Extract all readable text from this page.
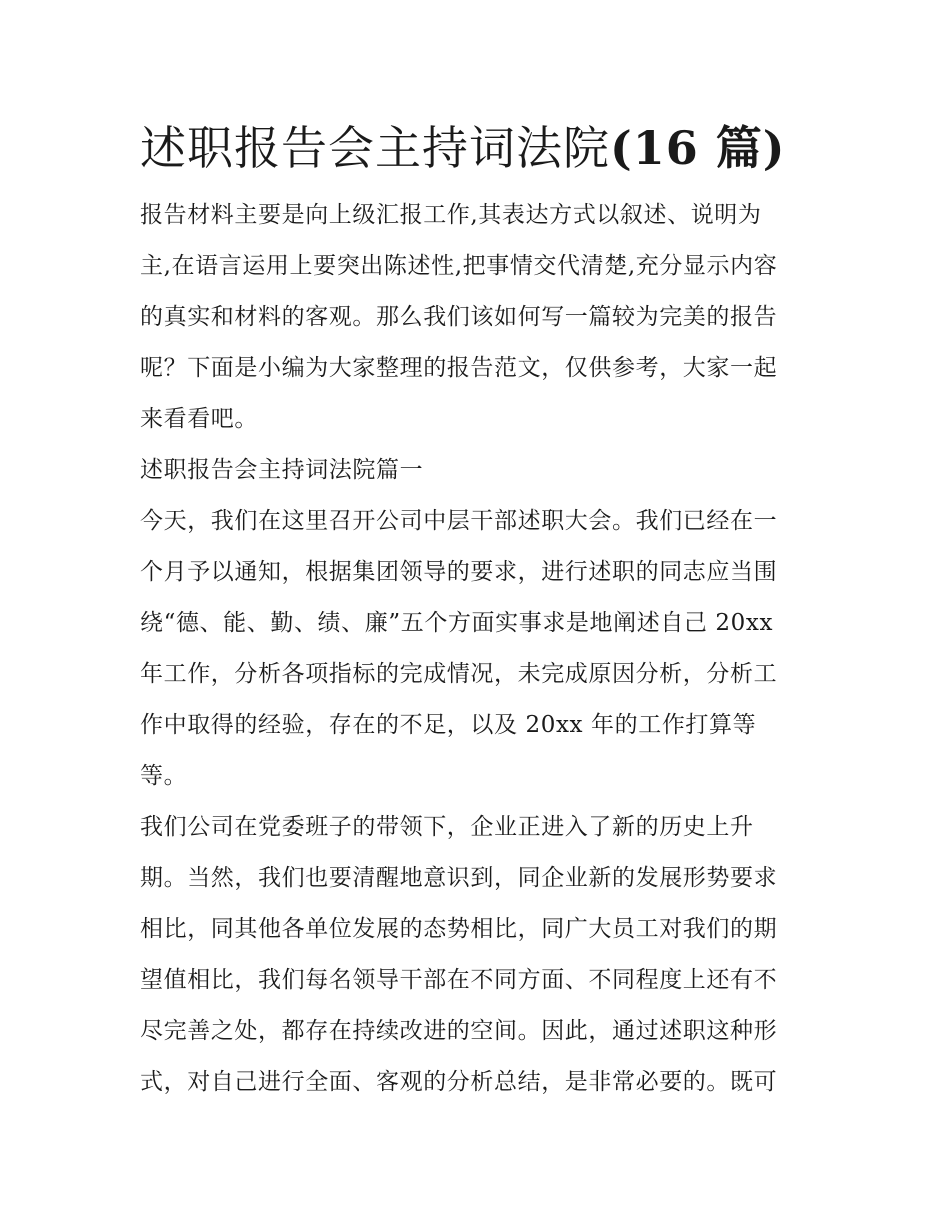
述职报告会主持词法院(16 篇)

报告材料主要是向上级汇报工作,其表达方式以叙述、说明为
主,在语言运用上要突出陈述性,把事情交代清楚,充分显示内容
的真实和材料的客观。那么我们该如何写一篇较为完美的报告
呢？下面是小编为大家整理的报告范文，仅供参考，大家一起
来看看吧。

述职报告会主持词法院篇一

今天，我们在这里召开公司中层干部述职大会。我们已经在一
个月予以通知，根据集团领导的要求，进行述职的同志应当围
绕“德、能、勤、绩、廉”五个方面实事求是地阐述自己 20xx
年工作，分析各项指标的完成情况，未完成原因分析，分析工
作中取得的经验，存在的不足，以及 20xx 年的工作打算等
等。

我们公司在党委班子的带领下，企业正进入了新的历史上升
期。当然，我们也要清醒地意识到，同企业新的发展形势要求
相比，同其他各单位发展的态势相比，同广大员工对我们的期
望值相比，我们每名领导干部在不同方面、不同程度上还有不
尽完善之处，都存在持续改进的空间。因此，通过述职这种形
式，对自己进行全面、客观的分析总结，是非常必要的。既可
